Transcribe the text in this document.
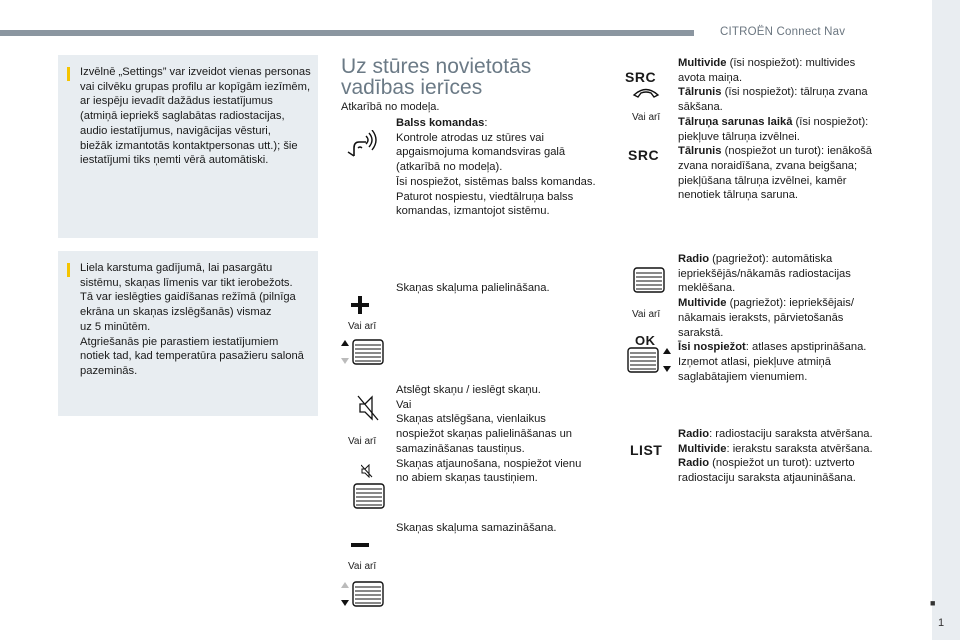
CITROËN Connect Nav

Izvēlnē „Settings” var izveidot vienas personas
vai cilvēku grupas profilu ar kopīgām iezīmēm,
ar iespēju ievadīt dažādus iestatījumus
(atmiņā iepriekš saglabātas radiostacijas,
audio iestatījumus, navigācijas vēsturi,
biežāk izmantotās kontaktpersonas utt.); šie
iestatījumi tiks ņemti vērā automātiski.

Liela karstuma gadījumā, lai pasargātu
sistēmu, skaņas līmenis var tikt ierobežots.
Tā var ieslēgties gaidīšanas režīmā (pilnīga
ekrāna un skaņas izslēgšanās) vismaz
uz 5 minūtēm.
Atgriešanās pie parastiem iestatījumiem
notiek tad, kad temperatūra pasažieru salonā
pazeminās.

Uz stūres novietotās
vadības ierīces
Atkarībā no modeļa.
Balss komandas:
Kontrole atrodas uz stūres vai
apgaismojuma komandsviras galā
(atkarībā no modeļa).
Īsi nospiežot, sistēmas balss komandas.
Paturot nospiestu, viedtālruņa balss
komandas, izmantojot sistēmu.
Vai arī
Skaņas skaļuma palielināšana.
Vai arī
Atslēgt skaņu / ieslēgt skaņu.
Vai
Skaņas atslēgšana, vienlaikus
nospiežot skaņas palielināšanas un
samazināšanas taustiņus.
Skaņas atjaunošana, nospiežot vienu
no abiem skaņas taustiņiem.
Vai arī
Skaņas skaļuma samazināšana.
SRC
Vai arī
SRC
Multivide (īsi nospiežot): multivides
avota maiņa.
Tālrunis (īsi nospiežot): tālruņa zvana
sākšana.
Tālruņa sarunas laikā (īsi nospiežot):
piekļuve tālruņa izvēlnei.
Tālrunis (nospiežot un turot): ienākošā
zvana noraidīšana, zvana beigšana;
piekļūšana tālruņa izvēlnei, kamēr
nenotiek tālruņa saruna.
Vai arī
OK
Radio (pagriežot): automātiska
iepriekšējās/nākamās radiostacijas
meklēšana.
Multivide (pagriežot): iepriekšējais/
nākamais ieraksts, pārvietošanās
sarakstā.
Īsi nospiežot: atlases apstiprināšana.
Izņemot atlasi, piekļuve atmiņā
saglabātajiem vienumiem.
LIST
Radio: radiostaciju saraksta atvēršana.
Multivide: ierakstu saraksta atvēršana.
Radio (nospiežot un turot): uztverto
radiostaciju saraksta atjaunināšana.
■
1
